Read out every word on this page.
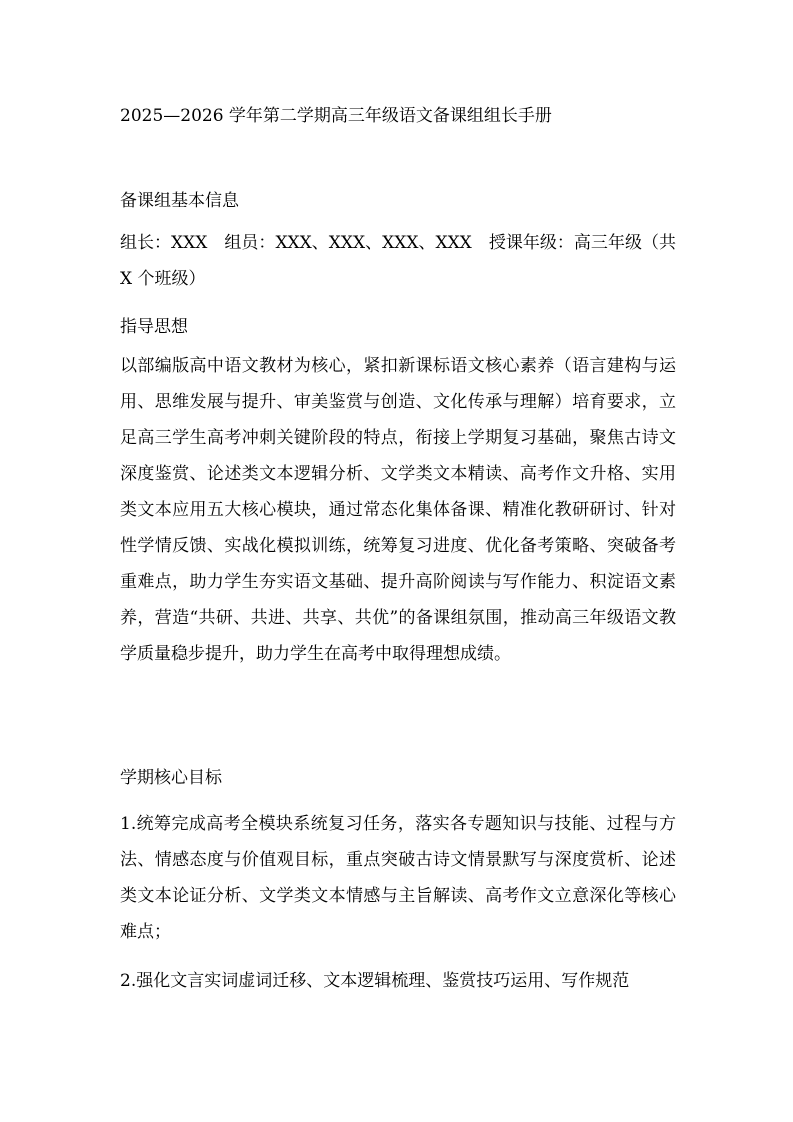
2025—2026 学年第二学期高三年级语文备课组组长手册
备课组基本信息
组长：XXX　组员：XXX、XXX、XXX、XXX　授课年级：高三年级（共 X 个班级）
指导思想
以部编版高中语文教材为核心，紧扣新课标语文核心素养（语言建构与运用、思维发展与提升、审美鉴赏与创造、文化传承与理解）培育要求，立足高三学生高考冲刺关键阶段的特点，衔接上学期复习基础，聚焦古诗文深度鉴赏、论述类文本逻辑分析、文学类文本精读、高考作文升格、实用类文本应用五大核心模块，通过常态化集体备课、精准化教研研讨、针对性学情反馈、实战化模拟训练，统筹复习进度、优化备考策略、突破备考重难点，助力学生夯实语文基础、提升高阶阅读与写作能力、积淀语文素养，营造“共研、共进、共享、共优”的备课组氛围，推动高三年级语文教学质量稳步提升，助力学生在高考中取得理想成绩。
学期核心目标
1.统筹完成高考全模块系统复习任务，落实各专题知识与技能、过程与方法、情感态度与价值观目标，重点突破古诗文情景默写与深度赏析、论述类文本论证分析、文学类文本情感与主旨解读、高考作文立意深化等核心难点；
2.强化文言实词虚词迁移、文本逻辑梳理、鉴赏技巧运用、写作规范
